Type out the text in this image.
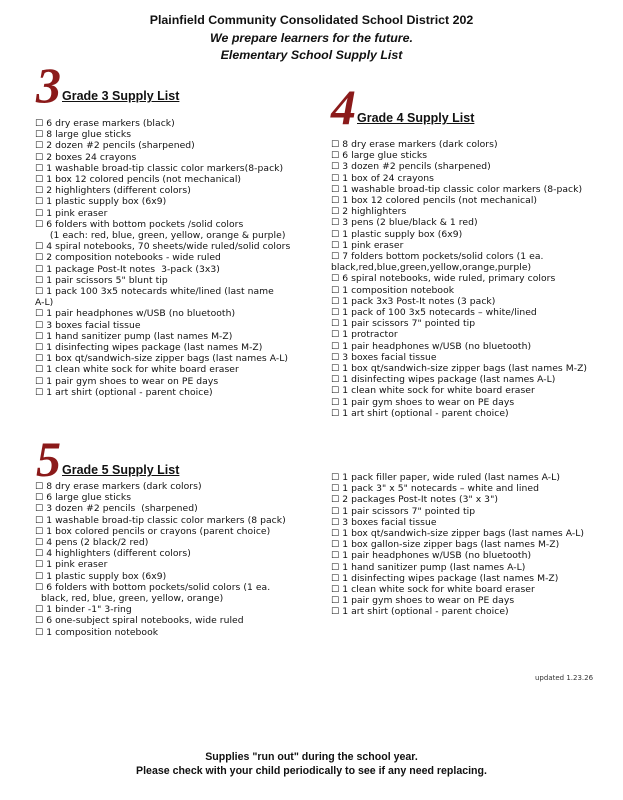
Plainfield Community Consolidated School District 202
We prepare learners for the future.
Elementary School Supply List
3 Grade 3 Supply List
☐ 6 dry erase markers (black)
☐ 8 large glue sticks
☐ 2 dozen #2 pencils (sharpened)
☐ 2 boxes 24 crayons
☐ 1 washable broad-tip classic color markers(8-pack)
☐ 1 box 12 colored pencils (not mechanical)
☐ 2 highlighters (different colors)
☐ 1 plastic supply box (6x9)
☐ 1 pink eraser
☐ 6 folders with bottom pockets /solid colors
(1 each: red, blue, green, yellow, orange & purple)
☐ 4 spiral notebooks, 70 sheets/wide ruled/solid colors
☐ 2 composition notebooks - wide ruled
☐ 1 package Post-It notes  3-pack (3x3)
☐ 1 pair scissors 5" blunt tip
☐ 1 pack 100 3x5 notecards white/lined (last name
A-L)
☐ 1 pair headphones w/USB (no bluetooth)
☐ 3 boxes facial tissue
☐ 1 hand sanitizer pump (last names M-Z)
☐ 1 disinfecting wipes package (last names M-Z)
☐ 1 box qt/sandwich-size zipper bags (last names A-L)
☐ 1 clean white sock for white board eraser
☐ 1 pair gym shoes to wear on PE days
☐ 1 art shirt (optional - parent choice)
4 Grade 4 Supply List
☐ 8 dry erase markers (dark colors)
☐ 6 large glue sticks
☐ 3 dozen #2 pencils (sharpened)
☐ 1 box of 24 crayons
☐ 1 washable broad-tip classic color markers (8-pack)
☐ 1 box 12 colored pencils (not mechanical)
☐ 2 highlighters
☐ 3 pens (2 blue/black & 1 red)
☐ 1 plastic supply box (6x9)
☐ 1 pink eraser
☐ 7 folders bottom pockets/solid colors (1 ea.
black,red,blue,green,yellow,orange,purple)
☐ 6 spiral notebooks, wide ruled, primary colors
☐ 1 composition notebook
☐ 1 pack 3x3 Post-It notes (3 pack)
☐ 1 pack of 100 3x5 notecards – white/lined
☐ 1 pair scissors 7" pointed tip
☐ 1 protractor
☐ 1 pair headphones w/USB (no bluetooth)
☐ 3 boxes facial tissue
☐ 1 box qt/sandwich-size zipper bags (last names M-Z)
☐ 1 disinfecting wipes package (last names A-L)
☐ 1 clean white sock for white board eraser
☐ 1 pair gym shoes to wear on PE days
☐ 1 art shirt (optional - parent choice)
5 Grade 5 Supply List
☐ 8 dry erase markers (dark colors)
☐ 6 large glue sticks
☐ 3 dozen #2 pencils  (sharpened)
☐ 1 washable broad-tip classic color markers (8 pack)
☐ 1 box colored pencils or crayons (parent choice)
☐ 4 pens (2 black/2 red)
☐ 4 highlighters (different colors)
☐ 1 pink eraser
☐ 1 plastic supply box (6x9)
☐ 6 folders with bottom pockets/solid colors (1 ea.
black, red, blue, green, yellow, orange)
☐ 1 binder -1" 3-ring
☐ 6 one-subject spiral notebooks, wide ruled
☐ 1 composition notebook
☐ 1 pack filler paper, wide ruled (last names A-L)
☐ 1 pack 3" x 5" notecards – white and lined
☐ 2 packages Post-It notes (3" x 3")
☐ 1 pair scissors 7" pointed tip
☐ 3 boxes facial tissue
☐ 1 box qt/sandwich-size zipper bags (last names A-L)
☐ 1 box gallon-size zipper bags (last names M-Z)
☐ 1 pair headphones w/USB (no bluetooth)
☐ 1 hand sanitizer pump (last names A-L)
☐ 1 disinfecting wipes package (last names M-Z)
☐ 1 clean white sock for white board eraser
☐ 1 pair gym shoes to wear on PE days
☐ 1 art shirt (optional - parent choice)
updated 1.23.26
Supplies "run out" during the school year.
Please check with your child periodically to see if any need replacing.
